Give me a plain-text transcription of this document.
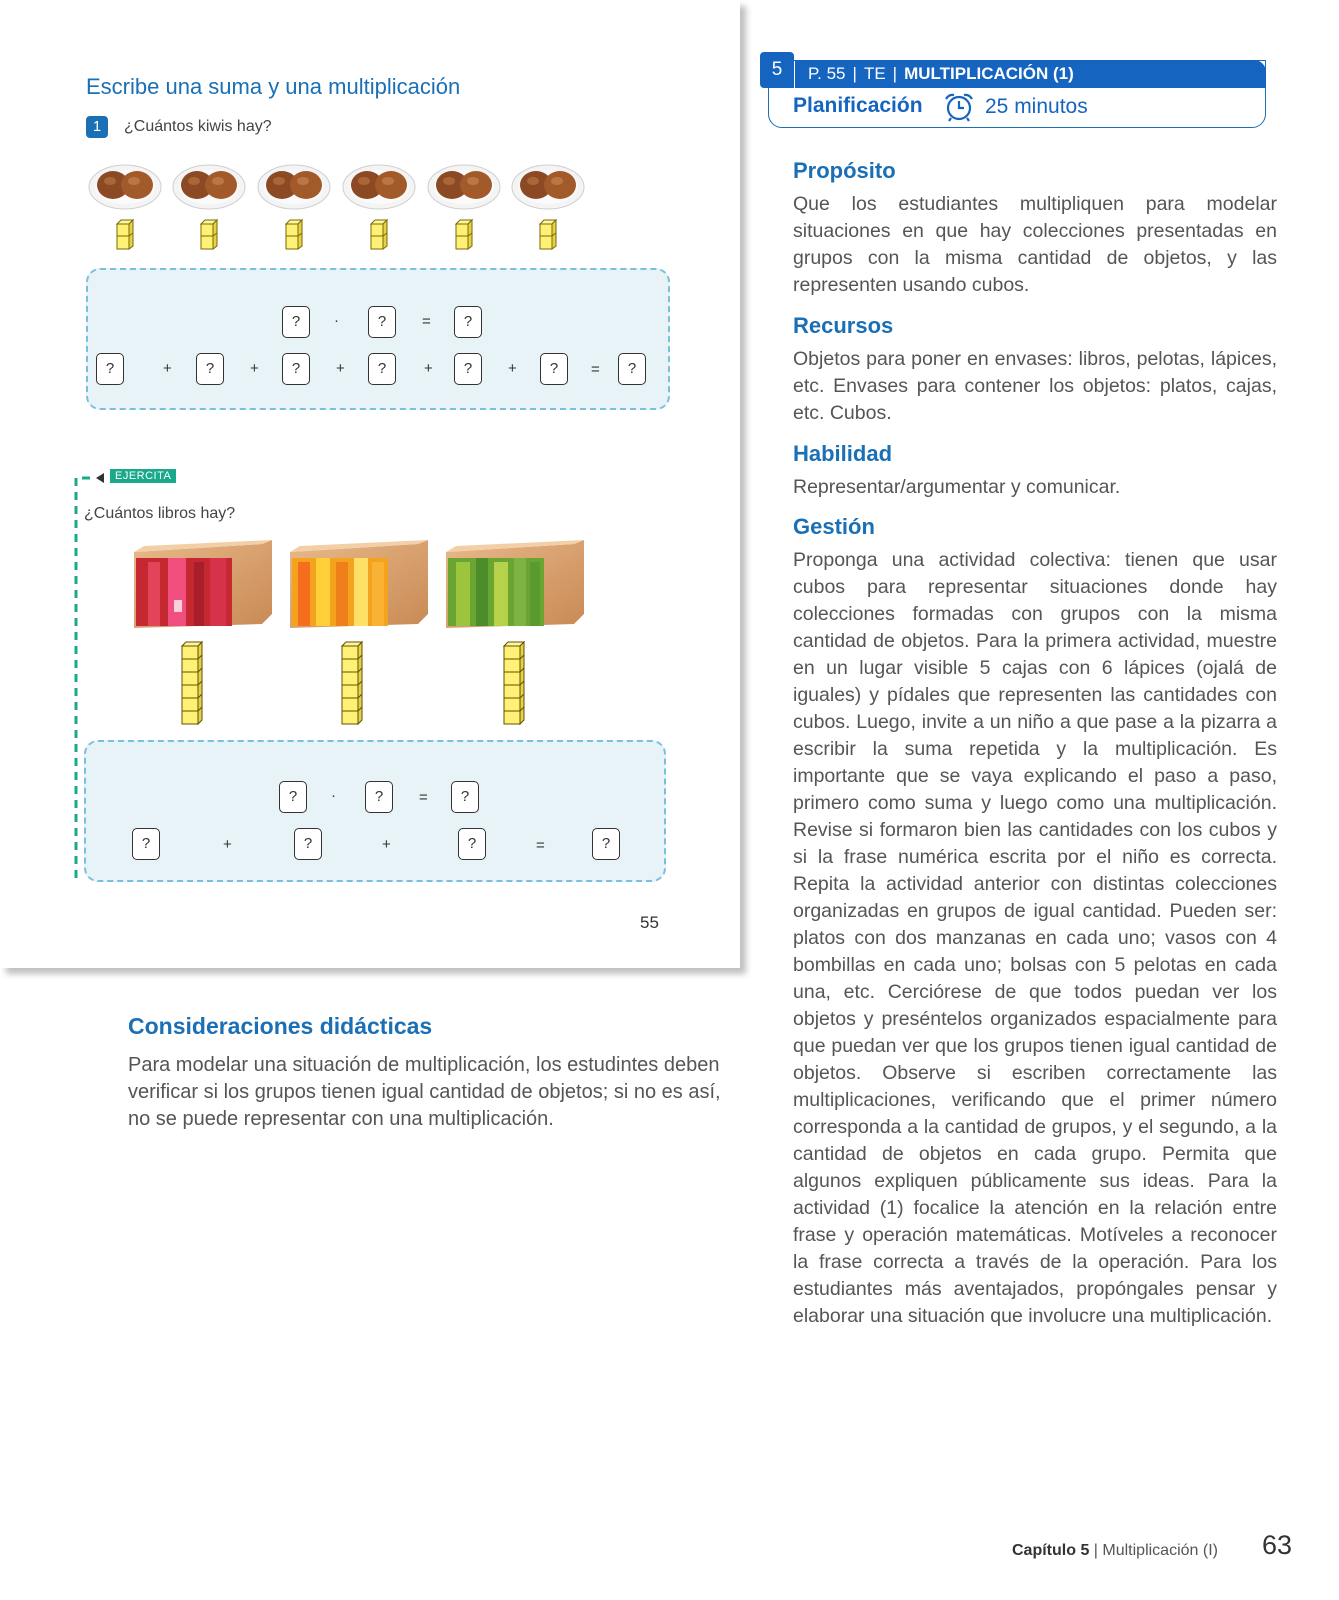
Escribe una suma y una multiplicación
1	¿Cuántos kiwis hay?
?	·	?	=	?
?	?	?	?	?	?	?
+	+	+	+	+	=
EJERCITA
¿Cuántos libros hay?
?	·	?	=	?
?	?	?	?
+	+	=
55
Consideraciones didácticas
Para modelar una situación de multiplicación, los estudintes deben verificar si los grupos tienen igual cantidad de objetos; si no es así, no se puede representar con una multiplicación.
5	P. 55 | TE | MULTIPLICACIÓN (1)
Planificación	25 minutos
Propósito
Que los estudiantes multipliquen para modelar situaciones en que hay colecciones presentadas en grupos con la misma cantidad de objetos, y las representen usando cubos.
Recursos
Objetos para poner en envases: libros, pelotas, lápices, etc. Envases para contener los objetos: platos, cajas, etc. Cubos.
Habilidad
Representar/argumentar y comunicar.
Gestión
Proponga una actividad colectiva: tienen que usar cubos para representar situaciones donde hay colecciones formadas con grupos con la misma cantidad de objetos. Para la primera actividad, muestre en un lugar visible 5 cajas con 6 lápices (ojalá de iguales) y pídales que representen las cantidades con cubos. Luego, invite a un niño a que pase a la pizarra a escribir la suma repetida y la multiplicación. Es importante que se vaya explicando el paso a paso, primero como suma y luego como una multiplicación. Revise si formaron bien las cantidades con los cubos y si la frase numérica escrita por el niño es correcta. Repita la actividad anterior con distintas colecciones organizadas en grupos de igual cantidad. Pueden ser: platos con dos manzanas en cada uno; vasos con 4 bombillas en cada uno; bolsas con 5 pelotas en cada una, etc. Cerciórese de que todos puedan ver los objetos y preséntelos organizados espacialmente para que puedan ver que los grupos tienen igual cantidad de objetos. Observe si escriben correctamente las multiplicaciones, verificando que el primer número corresponda a la cantidad de grupos, y el segundo, a la cantidad de objetos en cada grupo. Permita que algunos expliquen públicamente sus ideas. Para la actividad (1) focalice la atención en la relación entre frase y operación matemáticas. Motíveles a reconocer la frase correcta a través de la operación. Para los estudiantes más aventajados, propóngales pensar y elaborar una situación que involucre una multiplicación.
Capítulo 5 | Multiplicación (I) 63
